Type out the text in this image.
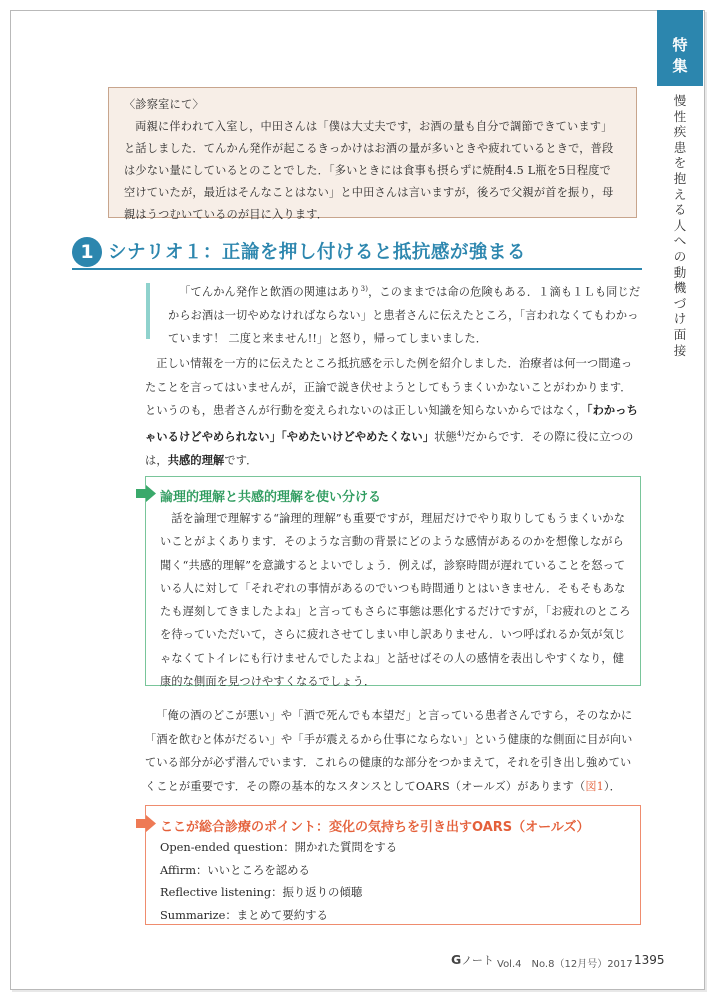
特
集
慢
性
疾
患
を
抱
え
る
人
へ
の
動
機
づ
け
面
接

〈診察室にて〉

両親に伴われて入室し，中田さんは「僕は大丈夫です，お酒の量も自分で調節できています」と話しました．てんかん発作が起こるきっかけはお酒の量が多いときや疲れているときで，普段は少ない量にしているとのことでした．「多いときには食事も摂らずに焼酎4.5 L瓶を5日程度で空けていたが，最近はそんなことはない」と中田さんは言いますが，後ろで父親が首を振り，母親はうつむいているのが目に入ります．

1 シナリオ１：正論を押し付けると抵抗感が強まる

「てんかん発作と飲酒の関連はあり$^{3)}$，このままでは命の危険もある．１滴も１Ｌも同じだからお酒は一切やめなければならない」と患者さんに伝えたところ，「言われなくてもわかっています！ 二度と来ません!!」と怒り，帰ってしまいました．

正しい情報を一方的に伝えたところ抵抗感を示した例を紹介しました．治療者は何一つ間違ったことを言ってはいませんが，正論で説き伏せようとしてもうまくいかないことがわかります．というのも，患者さんが行動を変えられないのは正しい知識を知らないからではなく，「わかっちゃいるけどやめられない」「やめたいけどやめたくない」状態$^{4)}$だからです．その際に役に立つのは，共感的理解です．

論理的理解と共感的理解を使い分ける

話を論理で理解する“論理的理解”も重要ですが，理屈だけでやり取りしてもうまくいかないことがよくあります．そのような言動の背景にどのような感情があるのかを想像しながら聞く“共感的理解”を意識するとよいでしょう．例えば，診察時間が遅れていることを怒っている人に対して「それぞれの事情があるのでいつも時間通りとはいきません．そもそもあなたも遅刻してきましたよね」と言ってもさらに事態は悪化するだけですが，「お疲れのところを待っていただいて，さらに疲れさせてしまい申し訳ありません．いつ呼ばれるか気が気じゃなくてトイレにも行けませんでしたよね」と話せばその人の感情を表出しやすくなり，健康的な側面を見つけやすくなるでしょう．

「俺の酒のどこが悪い」や「酒で死んでも本望だ」と言っている患者さんですら，そのなかに「酒を飲むと体がだるい」や「手が震えるから仕事にならない」という健康的な側面に目が向いている部分が必ず潜んでいます．これらの健康的な部分をつかまえて，それを引き出し強めていくことが重要です．その際の基本的なスタンスとしてOARS（オールズ）があります（図1）．

ここが総合診療のポイント：変化の気持ちを引き出すOARS（オールズ）
Open-ended question：開かれた質問をする
Affirm：いいところを認める
Reflective listening：振り返りの傾聴
Summarize：まとめて要約する
Gノート Vol.4　No.8（12月号）2017 1395
